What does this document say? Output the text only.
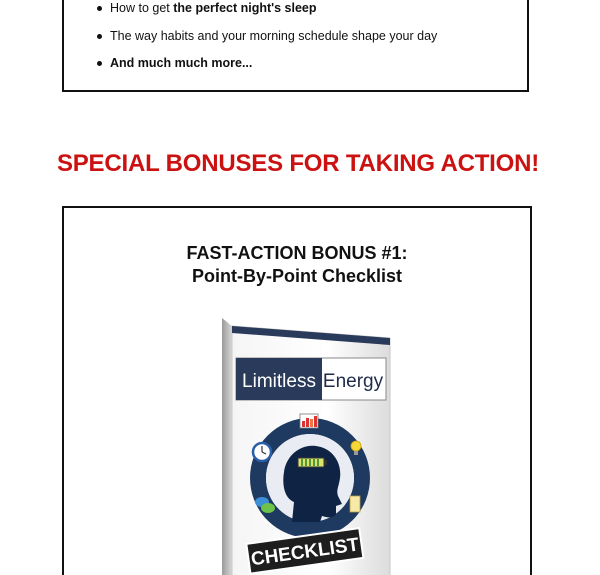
How to get the perfect night's sleep
The way habits and your morning schedule shape your day
And much much more...
SPECIAL BONUSES FOR TAKING ACTION!
FAST-ACTION BONUS #1:
Point-By-Point Checklist
Limitless Energy
CHECKLIST
